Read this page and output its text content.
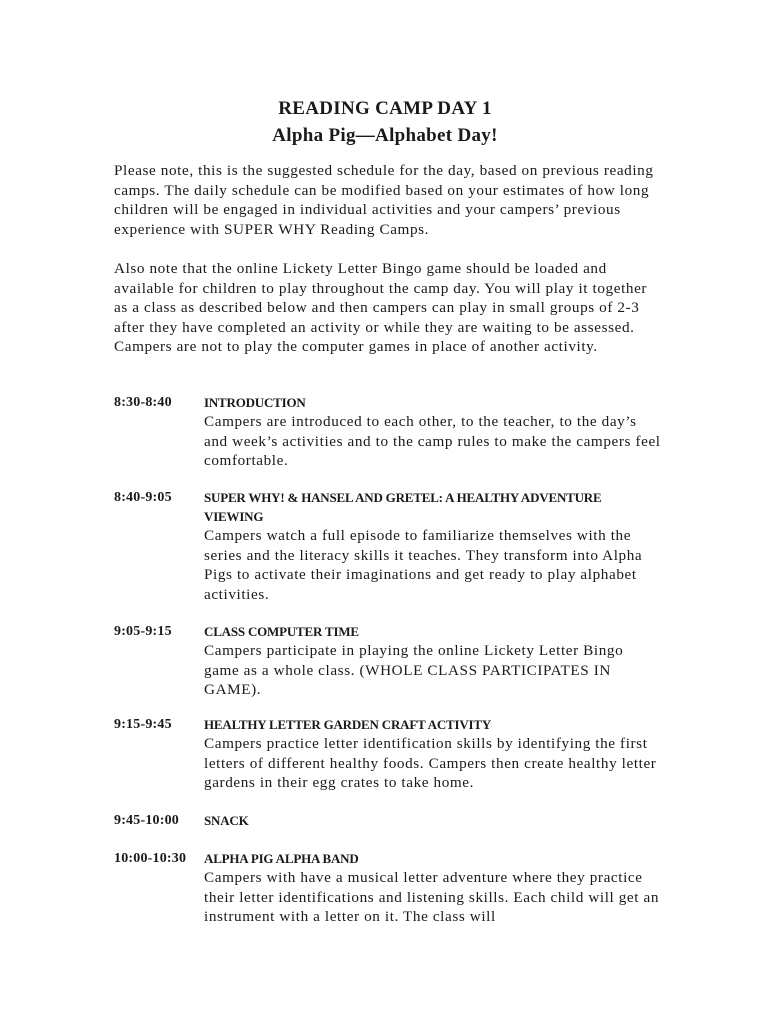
READING CAMP DAY 1
Alpha Pig—Alphabet Day!
Please note, this is the suggested schedule for the day, based on previous reading camps. The daily schedule can be modified based on your estimates of how long children will be engaged in individual activities and your campers’ previous experience with SUPER WHY Reading Camps.
Also note that the online Lickety Letter Bingo game should be loaded and available for children to play throughout the camp day. You will play it together as a class as described below and then campers can play in small groups of 2-3 after they have completed an activity or while they are waiting to be assessed. Campers are not to play the computer games in place of another activity.
8:30-8:40	INTRODUCTION
Campers are introduced to each other, to the teacher, to the day’s and week’s activities and to the camp rules to make the campers feel comfortable.
8:40-9:05	SUPER WHY! & HANSEL AND GRETEL: A HEALTHY ADVENTURE VIEWING
Campers watch a full episode to familiarize themselves with the series and the literacy skills it teaches. They transform into Alpha Pigs to activate their imaginations and get ready to play alphabet activities.
9:05-9:15	CLASS COMPUTER TIME
Campers participate in playing the online Lickety Letter Bingo game as a whole class. (WHOLE CLASS PARTICIPATES IN GAME).
9:15-9:45	HEALTHY LETTER GARDEN CRAFT ACTIVITY
Campers practice letter identification skills by identifying the first letters of different healthy foods. Campers then create healthy letter gardens in their egg crates to take home.
9:45-10:00	SNACK
10:00-10:30	ALPHA PIG ALPHA BAND
Campers with have a musical letter adventure where they practice their letter identifications and listening skills. Each child will get an instrument with a letter on it. The class will
